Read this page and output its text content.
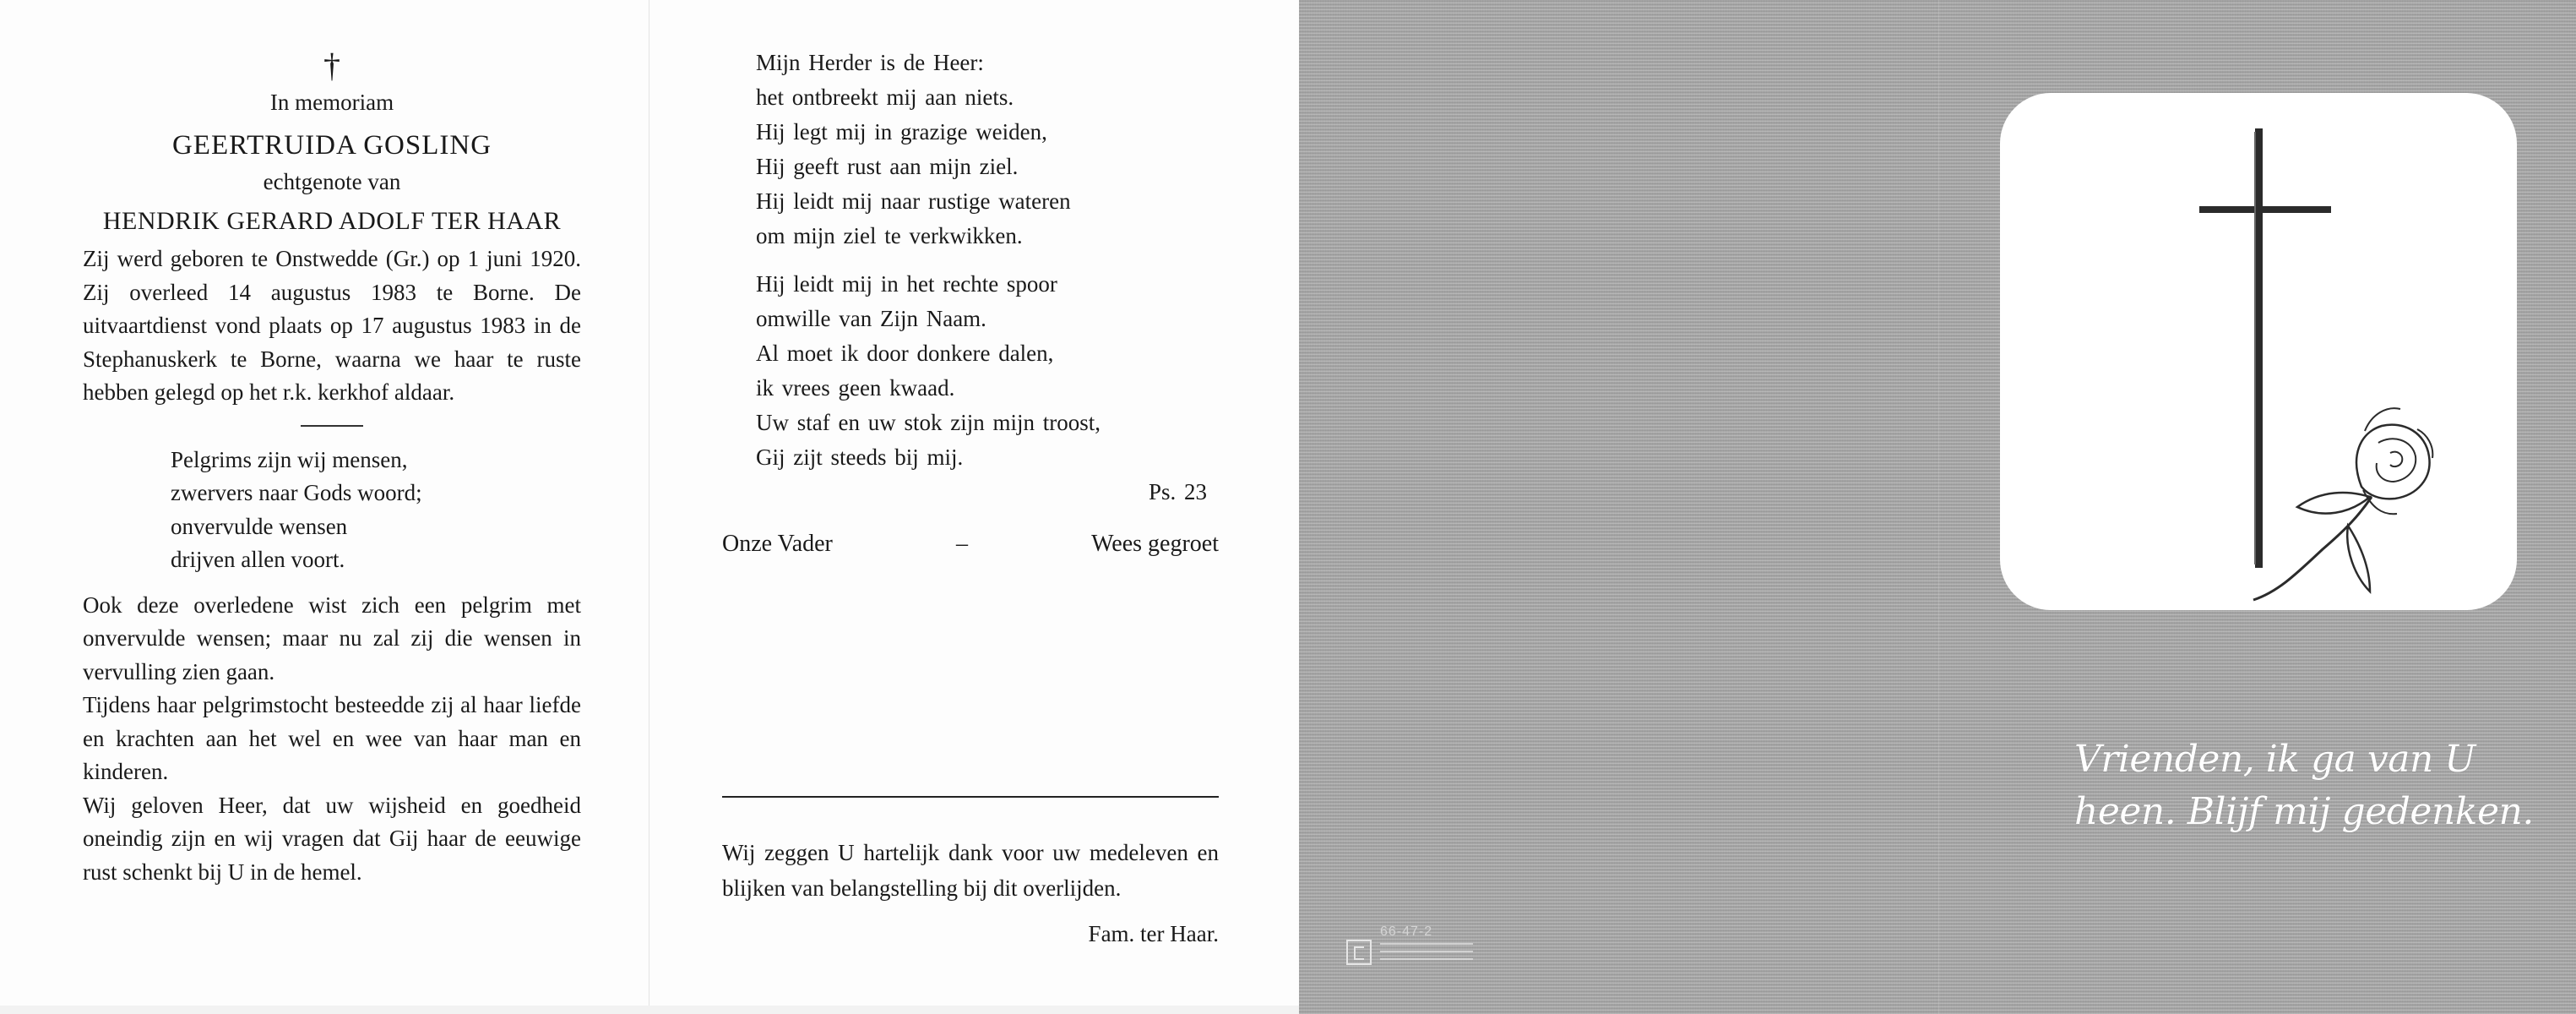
†
In memoriam
GEERTRUIDA GOSLING
echtgenote van
HENDRIK GERARD ADOLF TER HAAR

Zij werd geboren te Onstwedde (Gr.) op 1 juni 1920. Zij overleed 14 augustus 1983 te Borne. De uitvaartdienst vond plaats op 17 augustus 1983 in de Stephanuskerk te Borne, waarna we haar te ruste hebben gelegd op het r.k. kerkhof aldaar.

Pelgrims zijn wij mensen,
zwervers naar Gods woord;
onvervulde wensen
drijven allen voort.

Ook deze overledene wist zich een pelgrim met onvervulde wensen; maar nu zal zij die wensen in vervulling zien gaan.

Tijdens haar pelgrimstocht besteedde zij al haar liefde en krachten aan het wel en wee van haar man en kinderen.

Wij geloven Heer, dat uw wijsheid en goedheid oneindig zijn en wij vragen dat Gij haar de eeuwige rust schenkt bij U in de hemel.

Mijn Herder is de Heer:
het ontbreekt mij aan niets.
Hij legt mij in grazige weiden,
Hij geeft rust aan mijn ziel.
Hij leidt mij naar rustige wateren
om mijn ziel te verkwikken.
Hij leidt mij in het rechte spoor
omwille van Zijn Naam.
Al moet ik door donkere dalen,
ik vrees geen kwaad.
Uw staf en uw stok zijn mijn troost,
Gij zijt steeds bij mij.
Ps. 23
Onze Vader	–	Wees gegroet

Wij zeggen U hartelijk dank voor uw medeleven en blijken van belangstelling bij dit overlijden.

Fam. ter Haar.
Vrienden, ik ga van U
heen. Blijf mij gedenken.
66-47-2
